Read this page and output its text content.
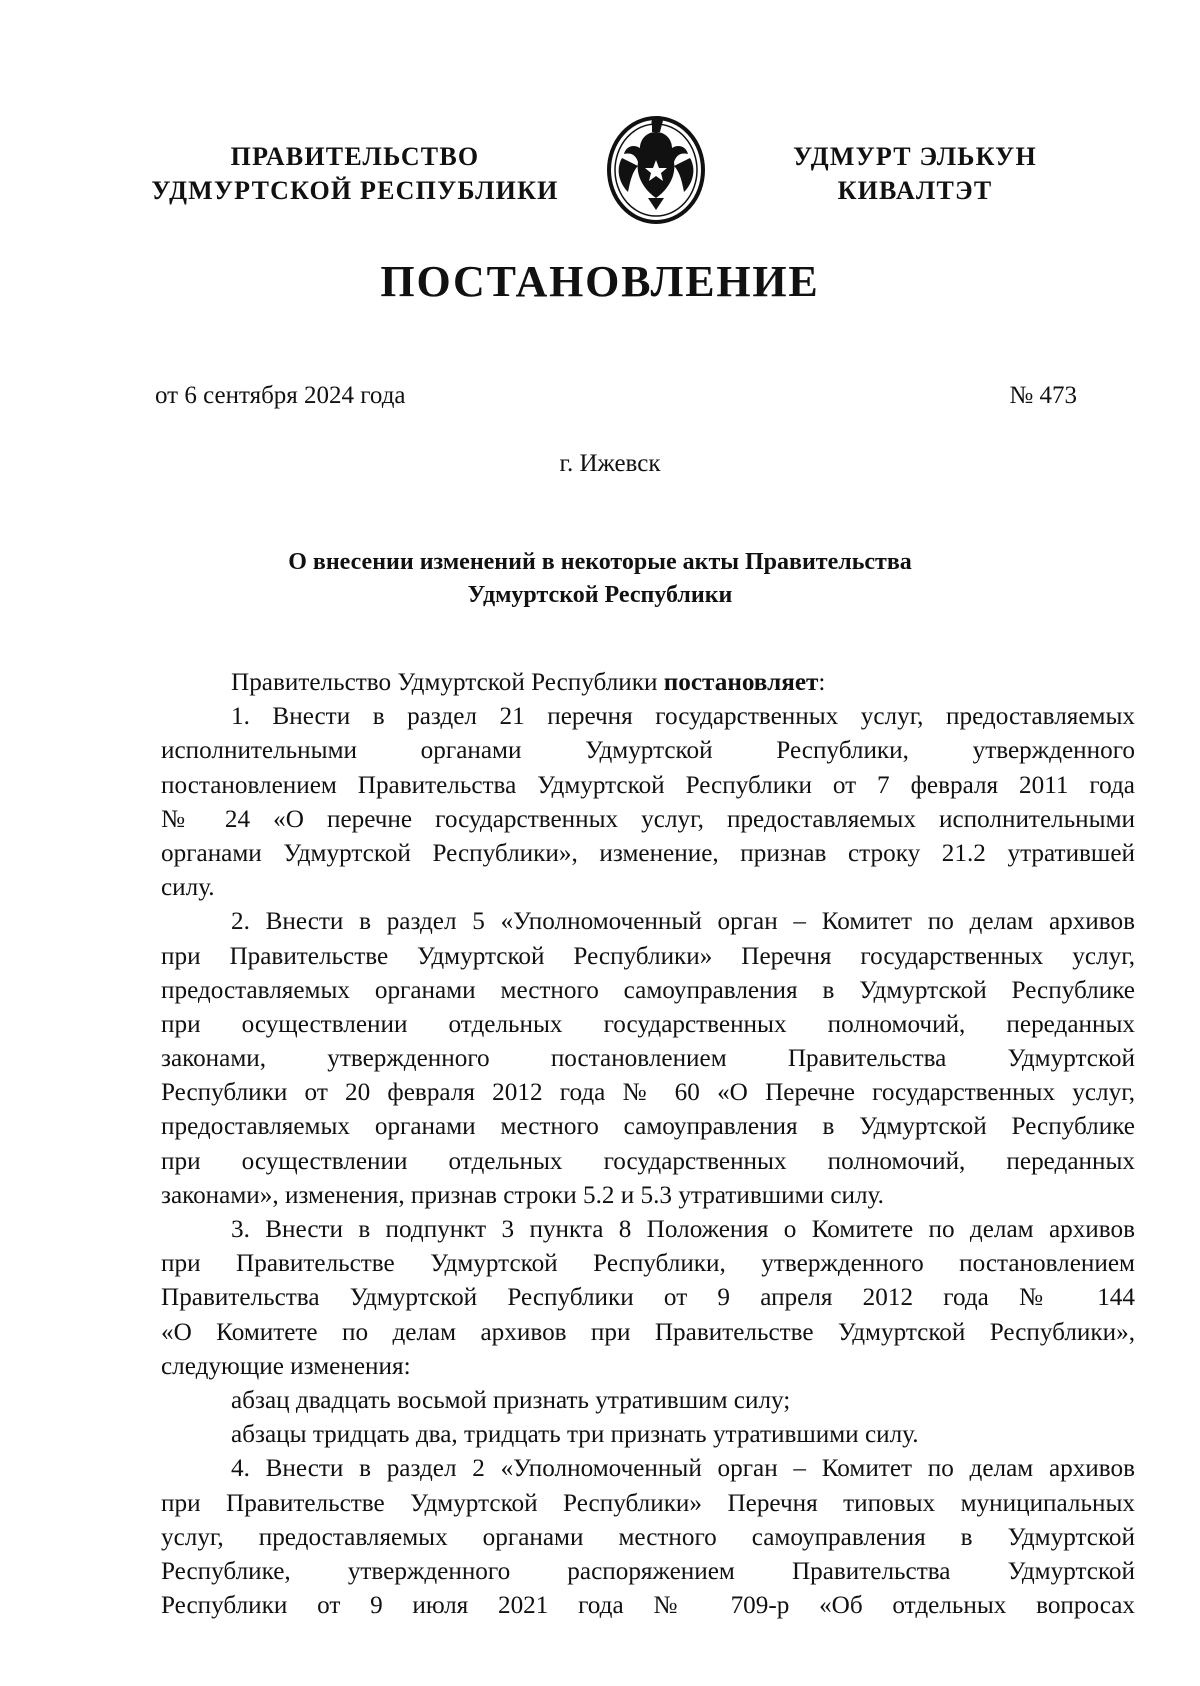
ПРАВИТЕЛЬСТВО
УДМУРТСКОЙ РЕСПУБЛИКИ
УДМУРТ ЭЛЬКУН
КИВАЛТЭТ
ПОСТАНОВЛЕНИЕ
от 6 сентября 2024 года	№ 473
г. Ижевск
О внесении изменений в некоторые акты Правительства
Удмуртской Республики
Правительство Удмуртской Республики постановляет:
1. Внести в раздел 21 перечня государственных услуг, предоставляемых
исполнительными органами Удмуртской Республики, утвержденного
постановлением Правительства Удмуртской Республики от 7 февраля 2011 года
№ 24 «О перечне государственных услуг, предоставляемых исполнительными
органами Удмуртской Республики», изменение, признав строку 21.2 утратившей
силу.
2. Внести в раздел 5 «Уполномоченный орган – Комитет по делам архивов
при Правительстве Удмуртской Республики» Перечня государственных услуг,
предоставляемых органами местного самоуправления в Удмуртской Республике
при осуществлении отдельных государственных полномочий, переданных
законами, утвержденного постановлением Правительства Удмуртской
Республики от 20 февраля 2012 года № 60 «О Перечне государственных услуг,
предоставляемых органами местного самоуправления в Удмуртской Республике
при осуществлении отдельных государственных полномочий, переданных
законами», изменения, признав строки 5.2 и 5.3 утратившими силу.
3. Внести в подпункт 3 пункта 8 Положения о Комитете по делам архивов
при Правительстве Удмуртской Республики, утвержденного постановлением
Правительства Удмуртской Республики от 9 апреля 2012 года № 144
«О Комитете по делам архивов при Правительстве Удмуртской Республики»,
следующие изменения:
абзац двадцать восьмой признать утратившим силу;
абзацы тридцать два, тридцать три признать утратившими силу.
4. Внести в раздел 2 «Уполномоченный орган – Комитет по делам архивов
при Правительстве Удмуртской Республики» Перечня типовых муниципальных
услуг, предоставляемых органами местного самоуправления в Удмуртской
Республике, утвержденного распоряжением Правительства Удмуртской
Республики от 9 июля 2021 года № 709-р «Об отдельных вопросах
